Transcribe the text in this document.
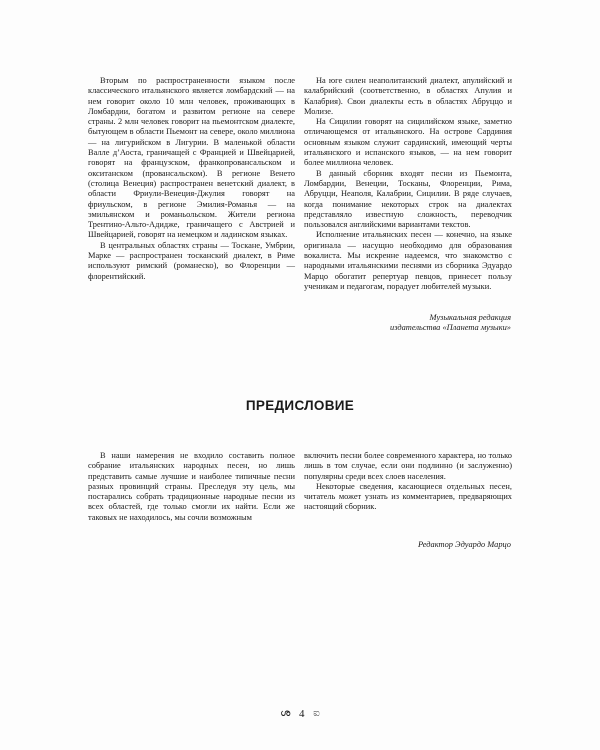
Вторым по распространенности языком после классического итальянского является ломбардский — на нем говорит около 10 млн человек, проживающих в Ломбардии, богатом и развитом регионе на севере страны. 2 млн человек говорит на пьемонтском диалекте, бытующем в области Пьемонт на севере, около миллиона — на лигурийском в Лигурии. В маленькой области Валле д’Аоста, граничащей с Францией и Швейцарией, говорят на французском, франкопровансальском и окситанском (провансальском). В регионе Венето (столица Венеция) распространен венетский диалект, в области Фриули-Венеция-Джулия говорят на фриульском, в регионе Эмилия-Романья — на эмильянском и романьольском. Жители региона Трентино-Альто-Адидже, граничащего с Австрией и Швейцарией, говорят на немецком и ладинском языках.

В центральных областях страны — Тоскане, Умбрии, Марке — распространен тосканский диалект, в Риме используют римский (романеско), во Флоренции — флорентийский.

На юге силен неаполитанский диалект, апулийский и калабрийский (соответственно, в областях Апулия и Калабрия). Свои диалекты есть в областях Абруццо и Молизе.

На Сицилии говорят на сицилийском языке, заметно отличающемся от итальянского. На острове Сардиния основным языком служит сардинский, имеющий черты итальянского и испанского языков, — на нем говорит более миллиона человек.

В данный сборник входят песни из Пьемонта, Ломбардии, Венеции, Тосканы, Флоренции, Рима, Абруцци, Неаполя, Калабрии, Сицилии. В ряде случаев, когда понимание некоторых строк на диалектах представляло известную сложность, переводчик пользовался английскими вариантами текстов.

Исполнение итальянских песен — конечно, на языке оригинала — насущно необходимо для образования вокалиста. Мы искренне надеемся, что знакомство с народными итальянскими песнями из сборника Эдуардо Марцо обогатит репертуар певцов, принесет пользу ученикам и педагогам, порадует любителей музыки.

Музыкальная редакция
издательства «Планета музыки»
ПРЕДИСЛОВИЕ

В наши намерения не входило составить полное собрание итальянских народных песен, но лишь представить самые лучшие и наиболее типичные песни разных провинций страны. Преследуя эту цель, мы постарались собрать традиционные народные песни из всех областей, где только смогли их найти. Если же таковых не находилось, мы сочли возможным

включить песни более современного характера, но только лишь в том случае, если они подлинно (и заслуженно) популярны среди всех слоев населения.

Некоторые сведения, касающиеся отдельных песен, читатель может узнать из комментариев, предваряющих настоящий сборник.

Редактор Эдуардо Марцо
ശ 4 ಐ
